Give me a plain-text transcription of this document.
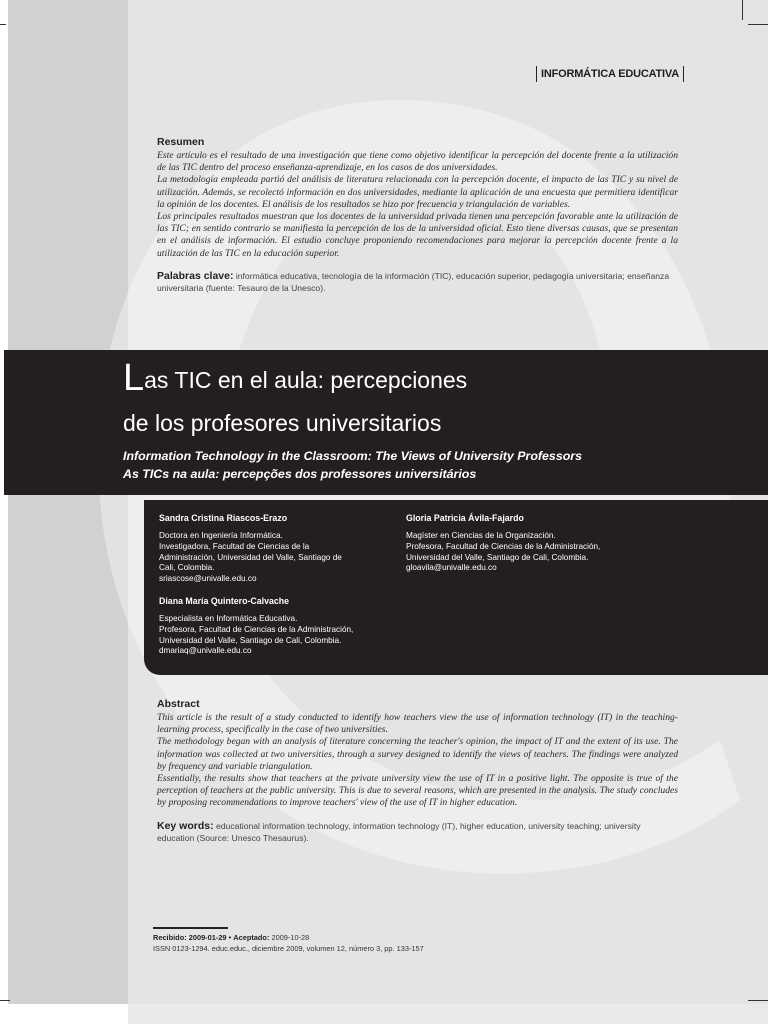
INFORMÁTICA EDUCATIVA
Resumen

Este artículo es el resultado de una investigación que tiene como objetivo identificar la percepción del docente frente a la utilización de las TIC dentro del proceso enseñanza-aprendizaje, en los casos de dos universidades.

La metodología empleada partió del análisis de literatura relacionada con la percepción docente, el impacto de las TIC y su nivel de utilización. Además, se recolectó información en dos universidades, mediante la aplicación de una encuesta que permitiera identificar la opinión de los docentes. El análisis de los resultados se hizo por frecuencia y triangulación de variables.

Los principales resultados muestran que los docentes de la universidad privada tienen una percepción favorable ante la utilización de las TIC; en sentido contrario se manifiesta la percepción de los de la universidad oficial. Esto tiene diversas causas, que se presentan en el análisis de información. El estudio concluye proponiendo recomendaciones para mejorar la percepción docente frente a la utilización de las TIC en la educación superior.

Palabras clave: informática educativa, tecnología de la información (TIC), educación superior, pedagogía universitaria; enseñanza universitaria (fuente: Tesauro de la Unesco).
Las TIC en el aula: percepciones
de los profesores universitarios
Information Technology in the Classroom: The Views of University Professors
As TICs na aula: percepções dos professores universitários
Sandra Cristina Riascos-Erazo
Doctora en Ingeniería Informática.
Investigadora, Facultad de Ciencias de la
Administración, Universidad del Valle, Santiago de
Cali, Colombia.
sriascose@univalle.edu.co
Gloria Patricia Ávila-Fajardo
Magíster en Ciencias de la Organización.
Profesora, Facultad de Ciencias de la Administración,
Universidad del Valle, Santiago de Cali, Colombia.
gloavila@univalle.edu.co
Diana María Quintero-Calvache
Especialista en Informática Educativa.
Profesora, Facultad de Ciencias de la Administración,
Universidad del Valle, Santiago de Cali, Colombia.
dmariaq@univalle.edu.co
Abstract

This article is the result of a study conducted to identify how teachers view the use of information technology (IT) in the teaching-learning process, specifically in the case of two universities.

The methodology began with an analysis of literature concerning the teacher's opinion, the impact of IT and the extent of its use. The information was collected at two universities, through a survey designed to identify the views of teachers. The findings were analyzed by frequency and variable triangulation.

Essentially, the results show that teachers at the private university view the use of IT in a positive light. The opposite is true of the perception of teachers at the public university. This is due to several reasons, which are presented in the analysis. The study concludes by proposing recommendations to improve teachers' view of the use of IT in higher education.

Key words: educational information technology, information technology (IT), higher education, university teaching; university education (Source: Unesco Thesaurus).
Recibido: 2009-01-29 • Aceptado: 2009-10-28
ISSN 0123-1294. educ.educ., diciembre 2009, volumen 12, número 3, pp. 133-157
